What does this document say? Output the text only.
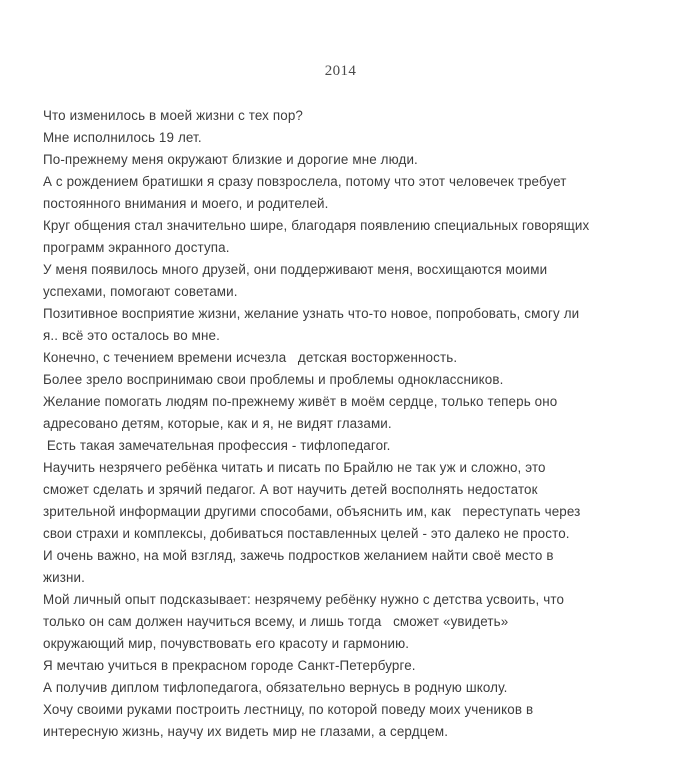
2014
Что изменилось в моей жизни с тех пор?
Мне исполнилось 19 лет.
По-прежнему меня окружают близкие и дорогие мне люди.
А с рождением братишки я сразу повзрослела, потому что этот человечек требует
постоянного внимания и моего, и родителей.
Круг общения стал значительно шире, благодаря появлению специальных говорящих
программ экранного доступа.
У меня появилось много друзей, они поддерживают меня, восхищаются моими
успехами, помогают советами.
Позитивное восприятие жизни, желание узнать что-то новое, попробовать, смогу ли
я.. всё это осталось во мне.
Конечно, с течением времени исчезла   детская восторженность.
Более зрело воспринимаю свои проблемы и проблемы одноклассников.
Желание помогать людям по-прежнему живёт в моём сердце, только теперь оно
адресовано детям, которые, как и я, не видят глазами.
Есть такая замечательная профессия - тифлопедагог.
Научить незрячего ребёнка читать и писать по Брайлю не так уж и сложно, это
сможет сделать и зрячий педагог. А вот научить детей восполнять недостаток
зрительной информации другими способами, объяснить им, как   переступать через
свои страхи и комплексы, добиваться поставленных целей - это далеко не просто.
И очень важно, на мой взгляд, зажечь подростков желанием найти своё место в
жизни.
Мой личный опыт подсказывает: незрячему ребёнку нужно с детства усвоить, что
только он сам должен научиться всему, и лишь тогда   сможет «увидеть»
окружающий мир, почувствовать его красоту и гармонию.
Я мечтаю учиться в прекрасном городе Санкт-Петербурге.
А получив диплом тифлопедагога, обязательно вернусь в родную школу.
Хочу своими руками построить лестницу, по которой поведу моих учеников в
интересную жизнь, научу их видеть мир не глазами, а сердцем.
